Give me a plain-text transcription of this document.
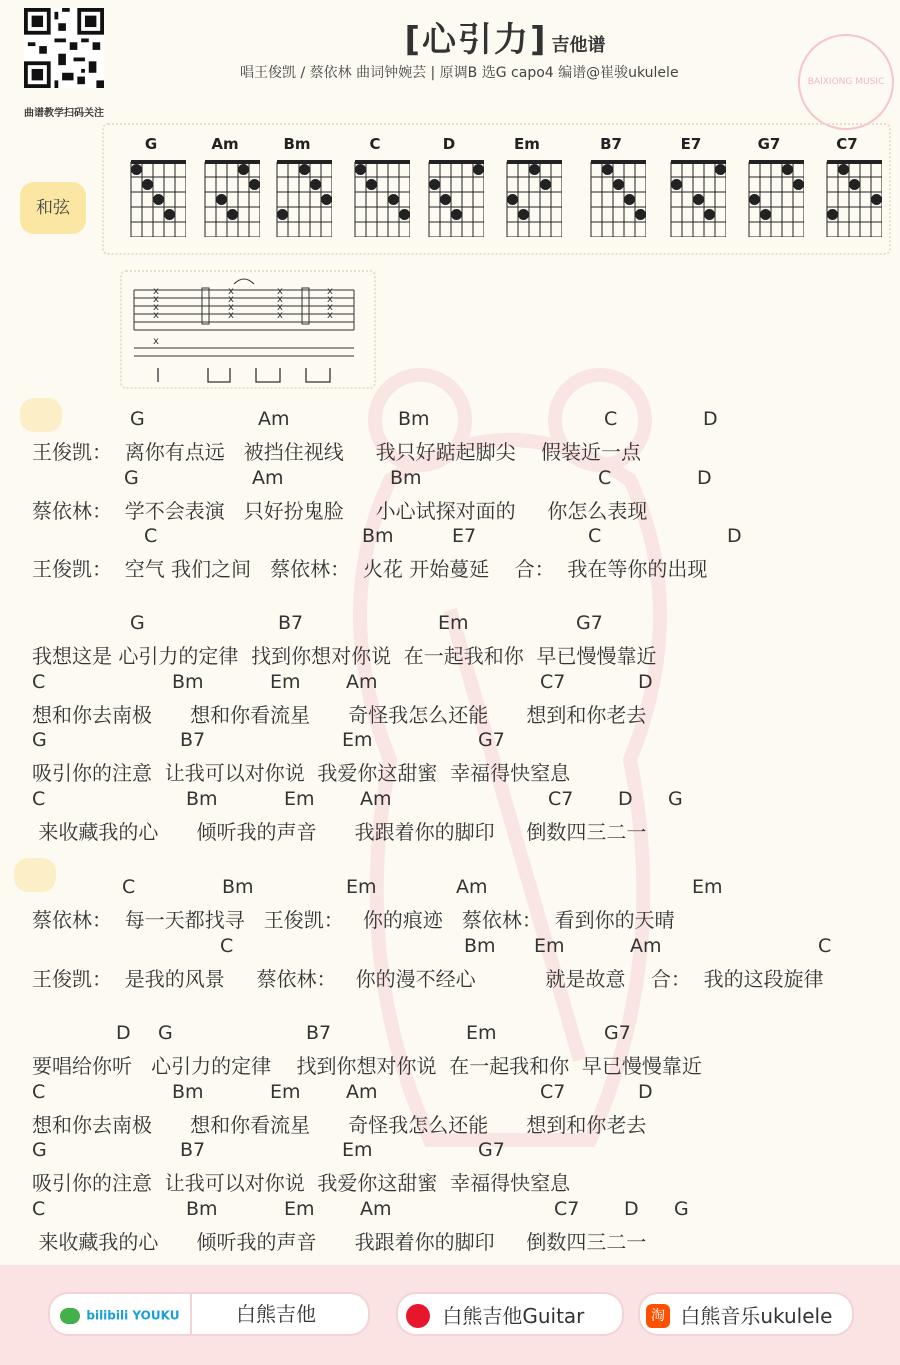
曲谱教学扫码关注
[心引力] 吉他谱
唱王俊凯 / 蔡依林 曲词钟婉芸 | 原调B 选G capo4 编谱@崔骏ukulele
BAIXIONG MUSIC
和弦
G	Am	Bm	C	D	Em	B7	E7	G7	C7
x
x
x
x
x
x
x
x
x
x
x
x
x
x
x
x
x
G	Am	Bm	C	D
王俊凯：  离你有点远   被挡住视线     我只好踮起脚尖    假装近一点
G	Am	Bm	C	D
蔡依林：  学不会表演   只好扮鬼脸     小心试探对面的     你怎么表现
C	Bm	E7	C	D
王俊凯：  空气 我们之间   蔡依林：  火花 开始蔓延    合：  我在等你的出现
G	B7	Em	G7
我想这是 心引力的定律  找到你想对你说  在一起我和你  早已慢慢靠近
C	Bm	Em Am	C7	D
想和你去南极      想和你看流星      奇怪我怎么还能      想到和你老去
G	B7	Em	G7
吸引你的注意  让我可以对你说  我爱你这甜蜜  幸福得快窒息
C	Bm	Em Am	C7 D G
来收藏我的心      倾听我的声音      我跟着你的脚印     倒数四三二一
C	Bm	Em	Am	Em
蔡依林：  每一天都找寻   王俊凯：   你的痕迹   蔡依林：  看到你的天晴
C	Bm Em	Am	C
王俊凯：  是我的风景     蔡依林：   你的漫不经心           就是故意    合：  我的这段旋律
D G	B7	Em	G7
要唱给你听   心引力的定律    找到你想对你说  在一起我和你  早已慢慢靠近
C	Bm	Em Am	C7	D
想和你去南极      想和你看流星      奇怪我怎么还能      想到和你老去
G	B7	Em	G7
吸引你的注意  让我可以对你说  我爱你这甜蜜  幸福得快窒息
C	Bm	Em Am	C7 D G
来收藏我的心      倾听我的声音      我跟着你的脚印     倒数四三二一
bilibili YOUKU	白熊吉他	白熊吉他Guitar	淘 白熊音乐ukulele
